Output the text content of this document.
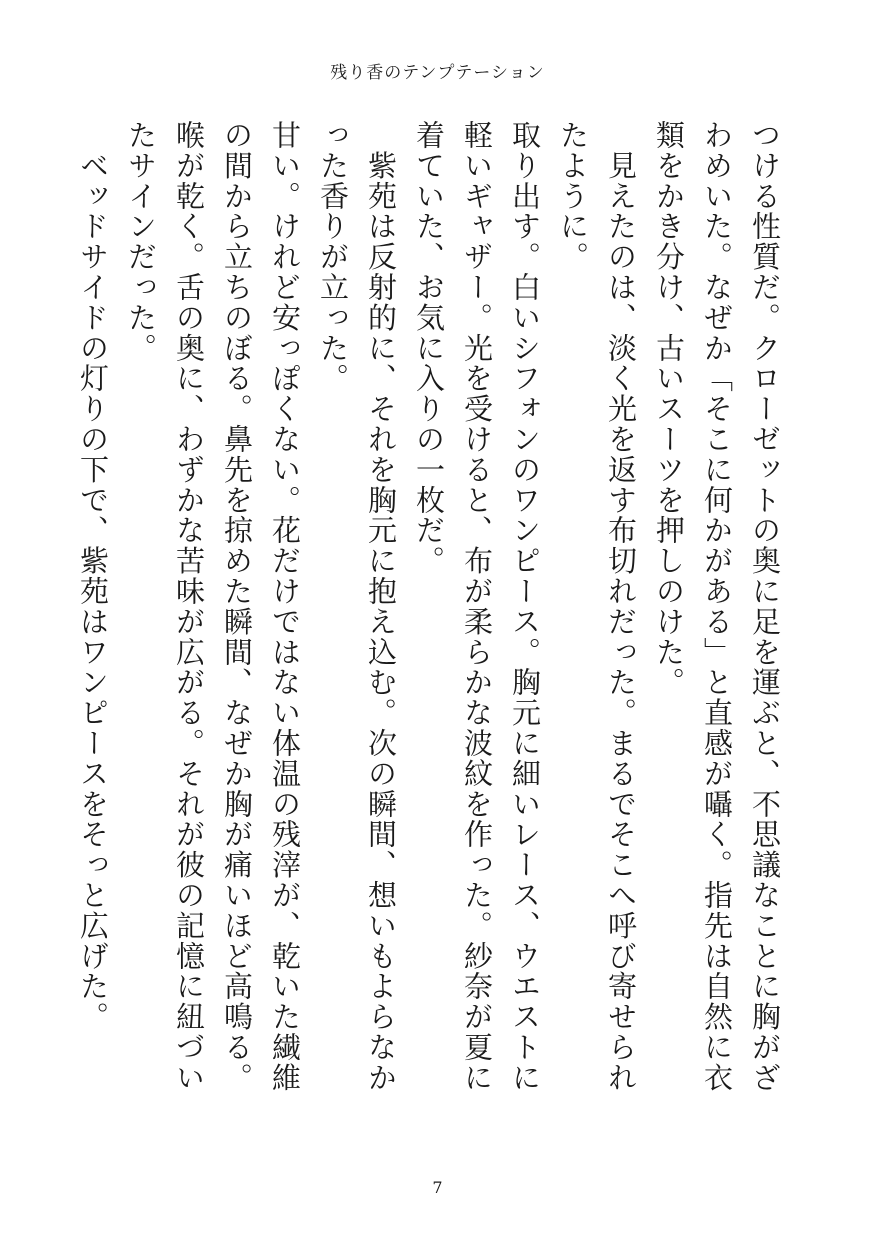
残り香のテンプテーション

つける性質だ。クローゼットの奥に足を運ぶと、不思議なことに胸がざわめいた。なぜか「そこに何かがある」と直感が囁く。指先は自然に衣類をかき分け、古いスーツを押しのけた。

　見えたのは、淡く光を返す布切れだった。まるでそこへ呼び寄せられたように。

取り出す。白いシフォンのワンピース。胸元に細いレース、ウエストに軽いギャザー。光を受けると、布が柔らかな波紋を作った。紗奈が夏に着ていた、お気に入りの一枚だ。

　紫苑は反射的に、それを胸元に抱え込む。次の瞬間、想いもよらなかった香りが立った。

甘い。けれど安っぽくない。花だけではない体温の残滓が、乾いた繊維の間から立ちのぼる。鼻先を掠めた瞬間、なぜか胸が痛いほど高鳴る。喉が乾く。舌の奥に、わずかな苦味が広がる。それが彼の記憶に紐づいたサインだった。

　ベッドサイドの灯りの下で、紫苑はワンピースをそっと広げた。

7
